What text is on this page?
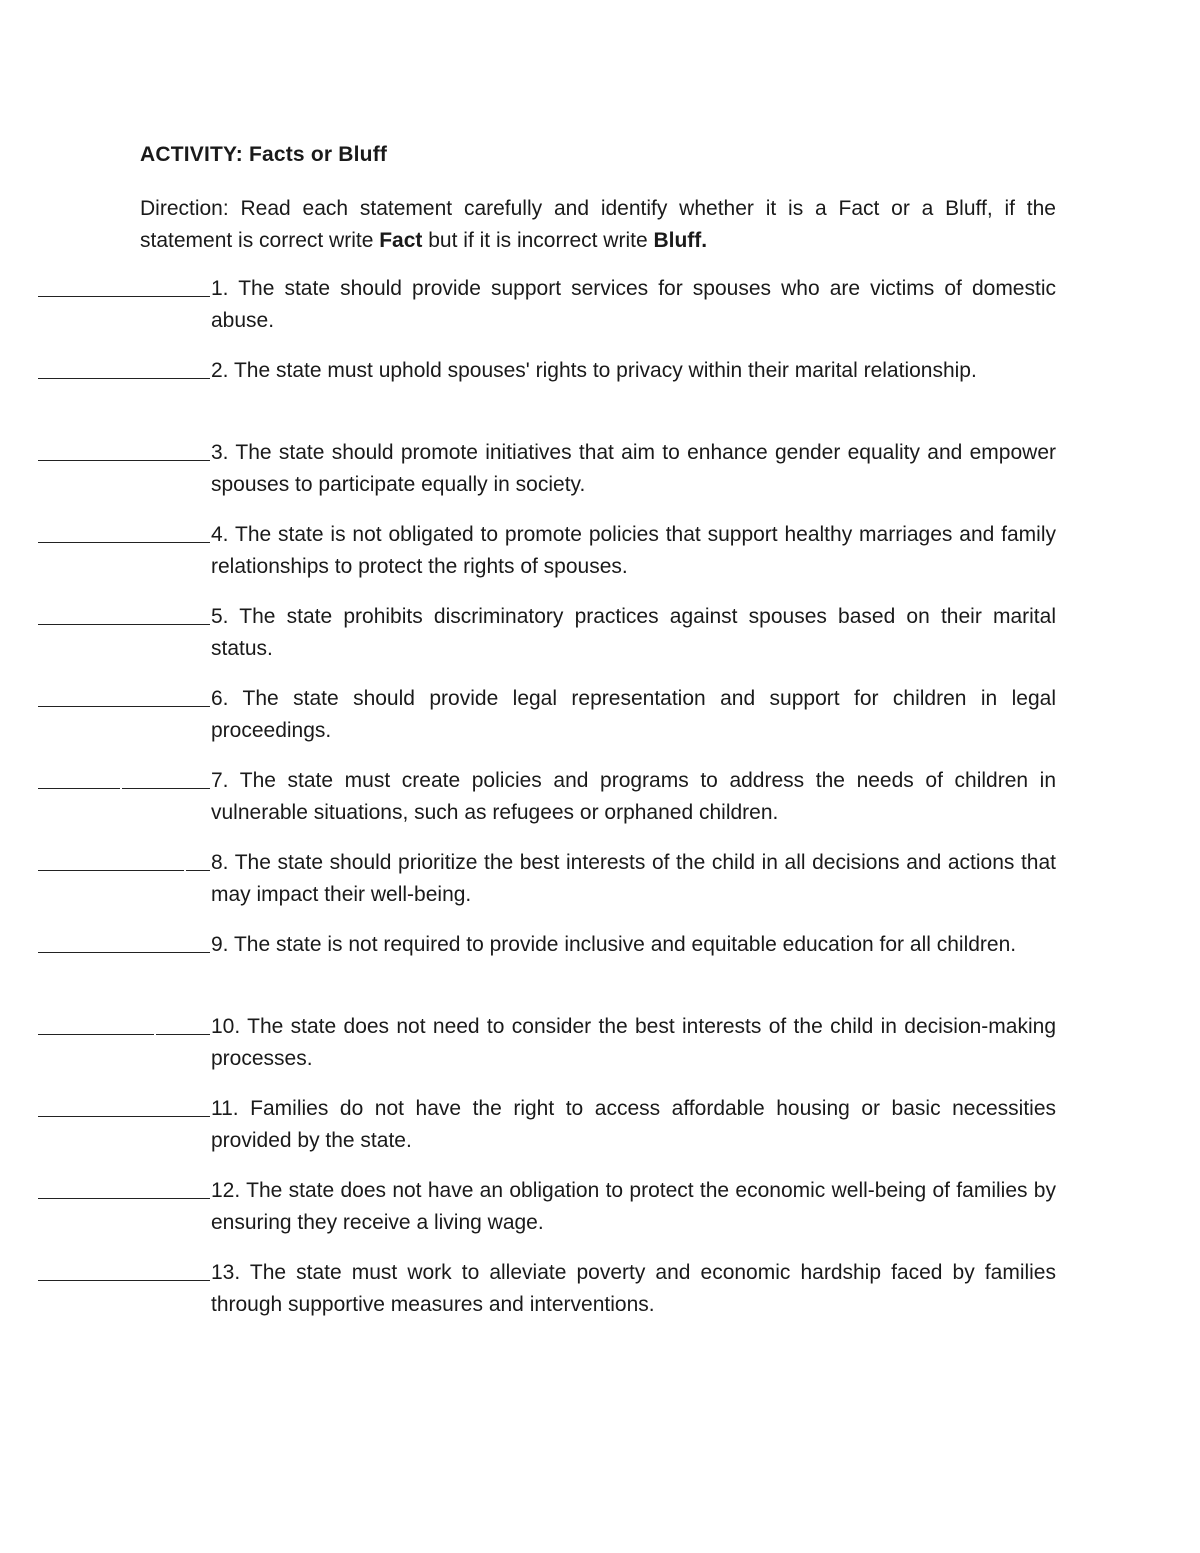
ACTIVITY: Facts or Bluff
Direction: Read each statement carefully and identify whether it is a Fact or a Bluff, if the statement is correct write Fact but if it is incorrect write Bluff.
1. The state should provide support services for spouses who are victims of domestic abuse.
2. The state must uphold spouses' rights to privacy within their marital relationship.
3. The state should promote initiatives that aim to enhance gender equality and empower spouses to participate equally in society.
4. The state is not obligated to promote policies that support healthy marriages and family relationships to protect the rights of spouses.
5. The state prohibits discriminatory practices against spouses based on their marital status.
6. The state should provide legal representation and support for children in legal proceedings.
7. The state must create policies and programs to address the needs of children in vulnerable situations, such as refugees or orphaned children.
8. The state should prioritize the best interests of the child in all decisions and actions that may impact their well-being.
9. The state is not required to provide inclusive and equitable education for all children.
10. The state does not need to consider the best interests of the child in decision-making processes.
11. Families do not have the right to access affordable housing or basic necessities provided by the state.
12. The state does not have an obligation to protect the economic well-being of families by ensuring they receive a living wage.
13. The state must work to alleviate poverty and economic hardship faced by families through supportive measures and interventions.
